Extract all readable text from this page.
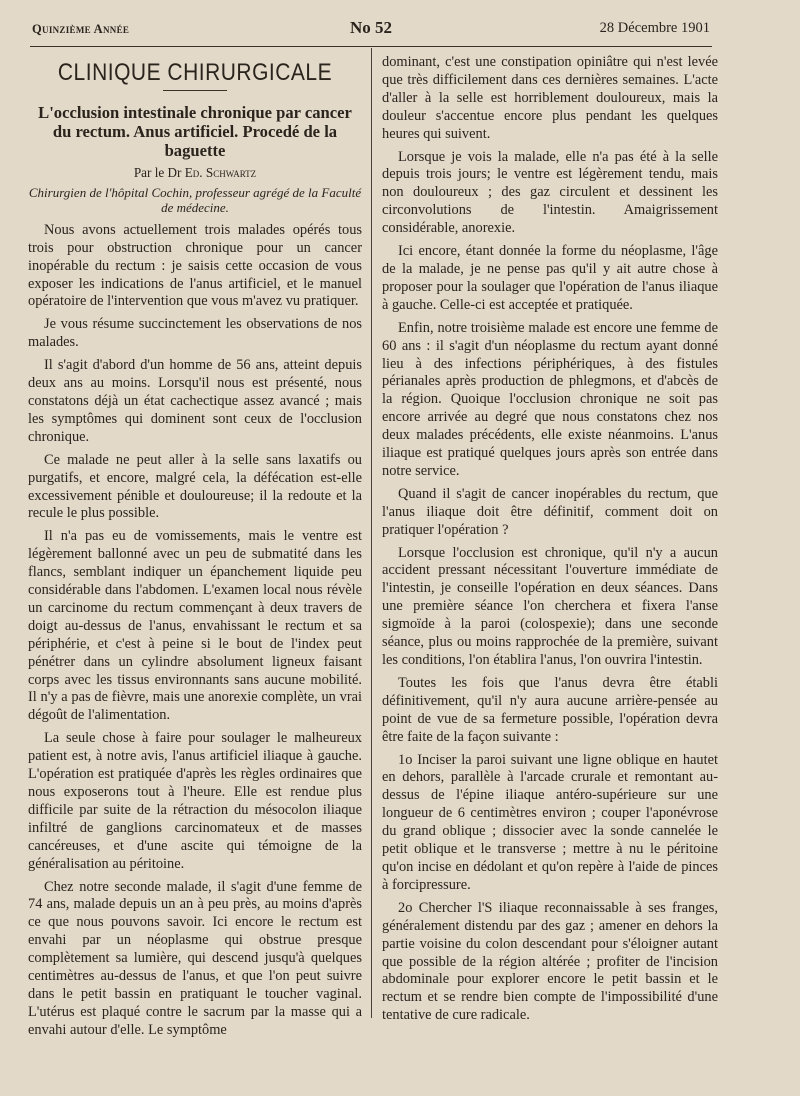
Quinzième Année	No 52	28 Décembre 1901
CLINIQUE CHIRURGICALE
L'occlusion intestinale chronique par cancer du rectum. Anus artificiel. Procedé de la baguette
Par le Dr Ed. Schwartz
Chirurgien de l'hôpital Cochin, professeur agrégé de la Faculté de médecine.

Nous avons actuellement trois malades opérés tous trois pour obstruction chronique pour un cancer inopérable du rectum : je saisis cette occasion de vous exposer les indications de l'anus artificiel, et le manuel opératoire de l'intervention que vous m'avez vu pratiquer.

Je vous résume succinctement les observations de nos malades.

Il s'agit d'abord d'un homme de 56 ans, atteint depuis deux ans au moins. Lorsqu'il nous est présenté, nous constatons déjà un état cachectique assez avancé ; mais les symptômes qui dominent sont ceux de l'occlusion chronique.

Ce malade ne peut aller à la selle sans laxatifs ou purgatifs, et encore, malgré cela, la défécation est-elle excessivement pénible et douloureuse; il la redoute et la recule le plus possible.

Il n'a pas eu de vomissements, mais le ventre est légèrement ballonné avec un peu de submatité dans les flancs, semblant indiquer un épanchement liquide peu considérable dans l'abdomen. L'examen local nous révèle un carcinome du rectum commençant à deux travers de doigt au-dessus de l'anus, envahissant le rectum et sa périphérie, et c'est à peine si le bout de l'index peut pénétrer dans un cylindre absolument ligneux faisant corps avec les tissus environnants sans aucune mobilité. Il n'y a pas de fièvre, mais une anorexie complète, un vrai dégoût de l'alimentation.

La seule chose à faire pour soulager le malheureux patient est, à notre avis, l'anus artificiel iliaque à gauche. L'opération est pratiquée d'après les règles ordinaires que nous exposerons tout à l'heure. Elle est rendue plus difficile par suite de la rétraction du mésocolon iliaque infiltré de ganglions carcinomateux et de masses cancéreuses, et d'une ascite qui témoigne de la généralisation au péritoine.

Chez notre seconde malade, il s'agit d'une femme de 74 ans, malade depuis un an à peu près, au moins d'après ce que nous pouvons savoir. Ici encore le rectum est envahi par un néoplasme qui obstrue presque complètement sa lumière, qui descend jusqu'à quelques centimètres au-dessus de l'anus, et que l'on peut suivre dans le petit bassin en pratiquant le toucher vaginal. L'utérus est plaqué contre le sacrum par la masse qui a envahi autour d'elle. Le symptôme

dominant, c'est une constipation opiniâtre qui n'est levée que très difficilement dans ces dernières semaines. L'acte d'aller à la selle est horriblement douloureux, mais la douleur s'accentue encore plus pendant les quelques heures qui suivent.

Lorsque je vois la malade, elle n'a pas été à la selle depuis trois jours; le ventre est légèrement tendu, mais non douloureux ; des gaz circulent et dessinent les circonvolutions de l'intestin. Amaigrissement considérable, anorexie.

Ici encore, étant donnée la forme du néoplasme, l'âge de la malade, je ne pense pas qu'il y ait autre chose à proposer pour la soulager que l'opération de l'anus iliaque à gauche. Celle-ci est acceptée et pratiquée.

Enfin, notre troisième malade est encore une femme de 60 ans : il s'agit d'un néoplasme du rectum ayant donné lieu à des infections périphériques, à des fistules périanales après production de phlegmons, et d'abcès de la région. Quoique l'occlusion chronique ne soit pas encore arrivée au degré que nous constatons chez nos deux malades précédents, elle existe néanmoins. L'anus iliaque est pratiqué quelques jours après son entrée dans notre service.

Quand il s'agit de cancer inopérables du rectum, que l'anus iliaque doit être définitif, comment doit on pratiquer l'opération ?

Lorsque l'occlusion est chronique, qu'il n'y a aucun accident pressant nécessitant l'ouverture immédiate de l'intestin, je conseille l'opération en deux séances. Dans une première séance l'on cherchera et fixera l'anse sigmoïde à la paroi (colospexie); dans une seconde séance, plus ou moins rapprochée de la première, suivant les conditions, l'on établira l'anus, l'on ouvrira l'intestin.

Toutes les fois que l'anus devra être établi définitivement, qu'il n'y aura aucune arrière-pensée au point de vue de sa fermeture possible, l'opération devra être faite de la façon suivante :

1o Inciser la paroi suivant une ligne oblique en hautet en dehors, parallèle à l'arcade crurale et remontant au-dessus de l'épine iliaque antéro-supérieure sur une longueur de 6 centimètres environ ; couper l'aponévrose du grand oblique ; dissocier avec la sonde cannelée le petit oblique et le transverse ; mettre à nu le péritoine qu'on incise en dédolant et qu'on repère à l'aide de pinces à forcipressure.

2o Chercher l'S iliaque reconnaissable à ses franges, généralement distendu par des gaz ; amener en dehors la partie voisine du colon descendant pour s'éloigner autant que possible de la région altérée ; profiter de l'incision abdominale pour explorer encore le petit bassin et le rectum et se rendre bien compte de l'impossibilité d'une tentative de cure radicale.
